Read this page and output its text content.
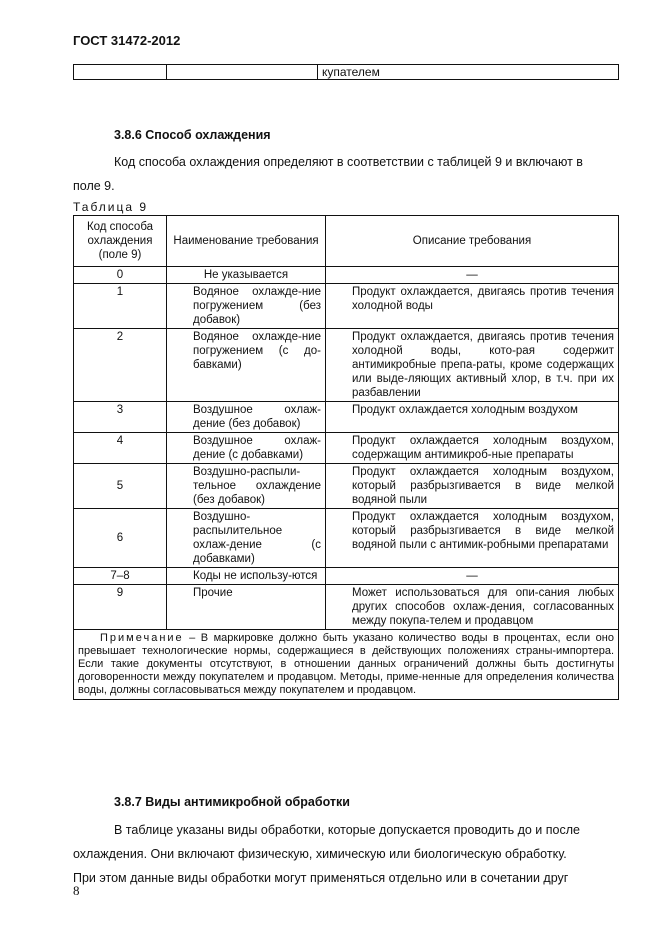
ГОСТ 31472-2012
		купателем
3.8.6 Способ охлаждения
Код способа охлаждения определяют в соответствии с таблицей 9 и включают в
поле 9.
Таблица 9
Код способа охлаждения (поле 9)	Наименование требования	Описание требования
0	Не указывается	—
1	Водяное охлажде-ние погружением (без добавок)	Продукт охлаждается, двигаясь против течения холодной воды
2	Водяное охлажде-ние погружением (с до-бавками)	Продукт охлаждается, двигаясь против течения холодной воды, кото-рая содержит антимикробные препа-раты, кроме содержащих или выде-ляющих активный хлор, в т.ч. при их разбавлении
3	Воздушное охлаж-дение (без добавок)	Продукт охлаждается холодным воздухом
4	Воздушное охлаж-дение (с добавками)	Продукт охлаждается холодным воздухом, содержащим антимикроб-ные препараты
5	Воздушно-распыли-тельное охлаждение (без добавок)	Продукт охлаждается холодным воздухом, который разбрызгивается в виде мелкой водяной пыли
6	Воздушно-распылительное охлаж-дение (с добавками)	Продукт охлаждается холодным воздухом, который разбрызгивается в виде мелкой водяной пыли с антимик-робными препаратами
7–8	Коды не использу-ются	—
9	Прочие	Может использоваться для опи-сания любых других способов охлаж-дения, согласованных между покупа-телем и продавцом
Примечание – В маркировке должно быть указано количество воды в процентах, если оно превышает технологические нормы, содержащиеся в действующих положениях страны-импортера. Если такие документы отсутствуют, в отношении данных ограничений должны быть достигнуты договоренности между покупателем и продавцом. Методы, приме-ненные для определения количества воды, должны согласовываться между покупателем и продавцом.		
3.8.7 Виды антимикробной обработки
В таблице указаны виды обработки, которые допускается проводить до и после
охлаждения. Они включают физическую, химическую или биологическую обработку.
При этом данные виды обработки могут применяться отдельно или в сочетании друг
8
